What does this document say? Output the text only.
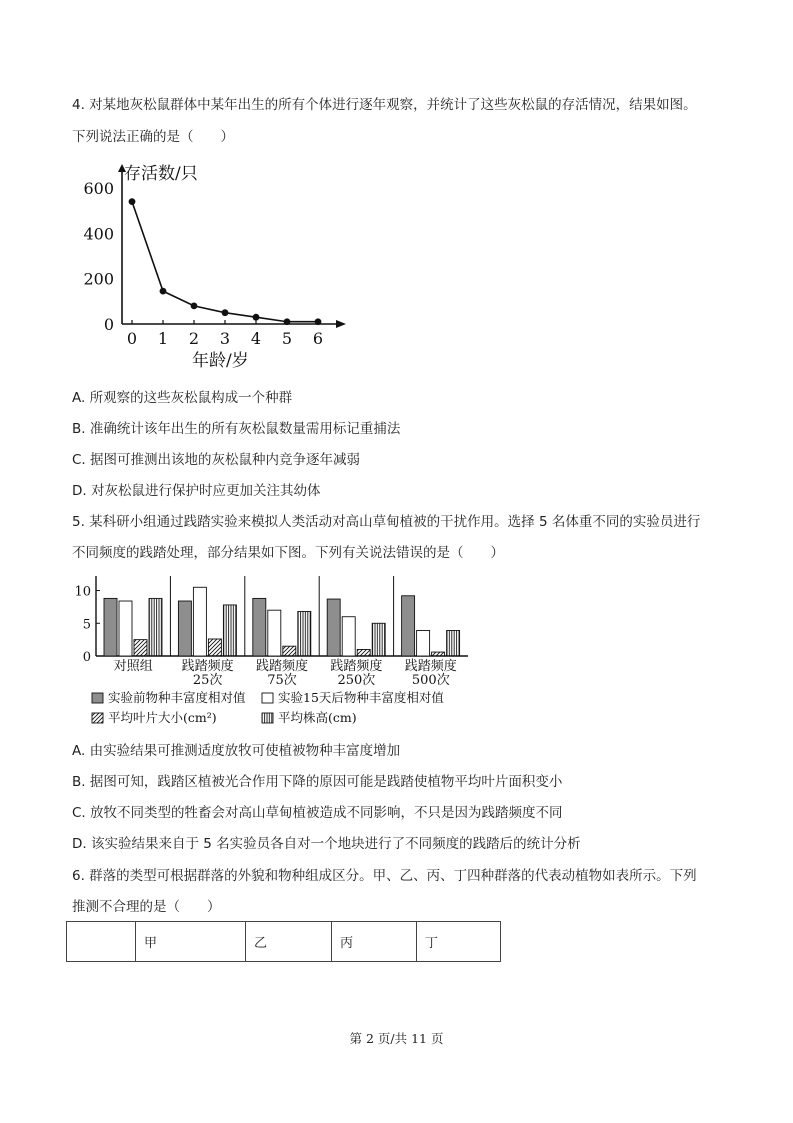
4. 对某地灰松鼠群体中某年出生的所有个体进行逐年观察，并统计了这些灰松鼠的存活情况，结果如图。
下列说法正确的是（　　）
存活数/只
年龄/岁
0
200
400
600
0 1 2 3 4 5 6
A. 所观察的这些灰松鼠构成一个种群
B. 准确统计该年出生的所有灰松鼠数量需用标记重捕法
C. 据图可推测出该地的灰松鼠种内竞争逐年减弱
D. 对灰松鼠进行保护时应更加关注其幼体
5. 某科研小组通过践踏实验来模拟人类活动对高山草甸植被的干扰作用。选择 5 名体重不同的实验员进行
不同频度的践踏处理，部分结果如下图。下列有关说法错误的是（　　）
0
5
10
对照组 践踏频度
25次
践踏频度
75次
践踏频度
250次
践踏频度
500次
实验前物种丰富度相对值	实验15天后物种丰富度相对值
平均叶片大小(cm²)	平均株高(cm)
A. 由实验结果可推测适度放牧可使植被物种丰富度增加
B. 据图可知，践踏区植被光合作用下降的原因可能是践踏使植物平均叶片面积变小
C. 放牧不同类型的牲畜会对高山草甸植被造成不同影响，不只是因为践踏频度不同
D. 该实验结果来自于 5 名实验员各自对一个地块进行了不同频度的践踏后的统计分析
6. 群落的类型可根据群落的外貌和物种组成区分。甲、乙、丙、丁四种群落的代表动植物如表所示。下列
推测不合理的是（　　）
	甲	乙	丙	丁
第 2 页/共 11 页
